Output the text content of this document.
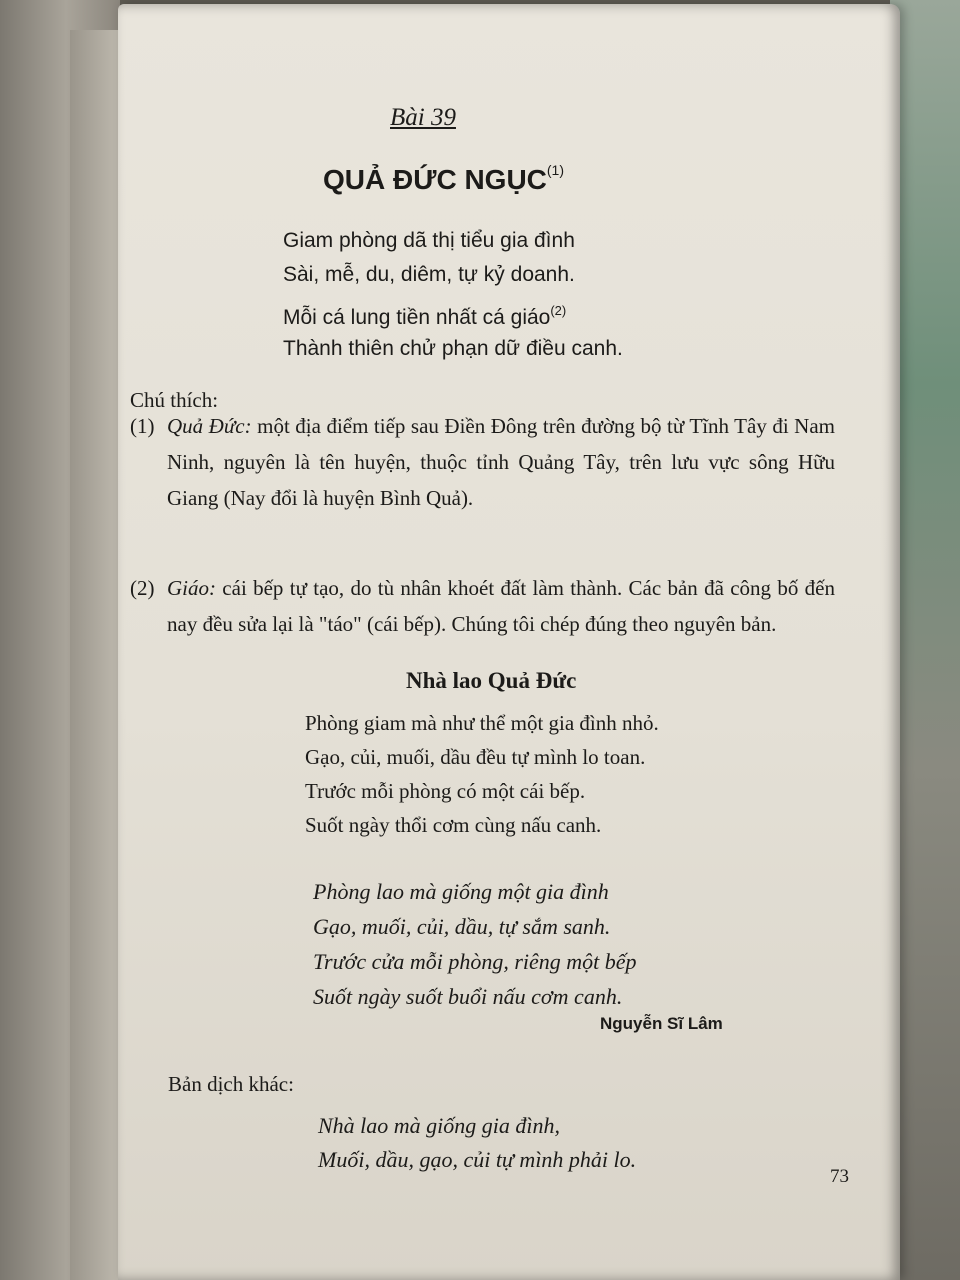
Bài 39
QUẢ ĐỨC NGỤC$^{(1)}$
Giam phòng dã thị tiểu gia đình
Sài, mễ, du, diêm, tự kỷ doanh.
Mỗi cá lung tiền nhất cá giáo$^{(2)}$
Thành thiên chử phạn dữ điều canh.
Chú thích:
(1) Quả Đức: một địa điểm tiếp sau Điền Đông trên đường bộ từ Tĩnh Tây đi Nam Ninh, nguyên là tên huyện, thuộc tỉnh Quảng Tây, trên lưu vực sông Hữu Giang (Nay đổi là huyện Bình Quả).
(2) Giáo: cái bếp tự tạo, do tù nhân khoét đất làm thành. Các bản đã công bố đến nay đều sửa lại là "táo" (cái bếp). Chúng tôi chép đúng theo nguyên bản.
Nhà lao Quả Đức
Phòng giam mà như thể một gia đình nhỏ.
Gạo, củi, muối, dầu đều tự mình lo toan.
Trước mỗi phòng có một cái bếp.
Suốt ngày thổi cơm cùng nấu canh.
Phòng lao mà giống một gia đình
Gạo, muối, củi, dầu, tự sắm sanh.
Trước cửa mỗi phòng, riêng một bếp
Suốt ngày suốt buổi nấu cơm canh.
Nguyễn Sĩ Lâm
Bản dịch khác:
Nhà lao mà giống gia đình,
Muối, dầu, gạo, củi tự mình phải lo.
73
